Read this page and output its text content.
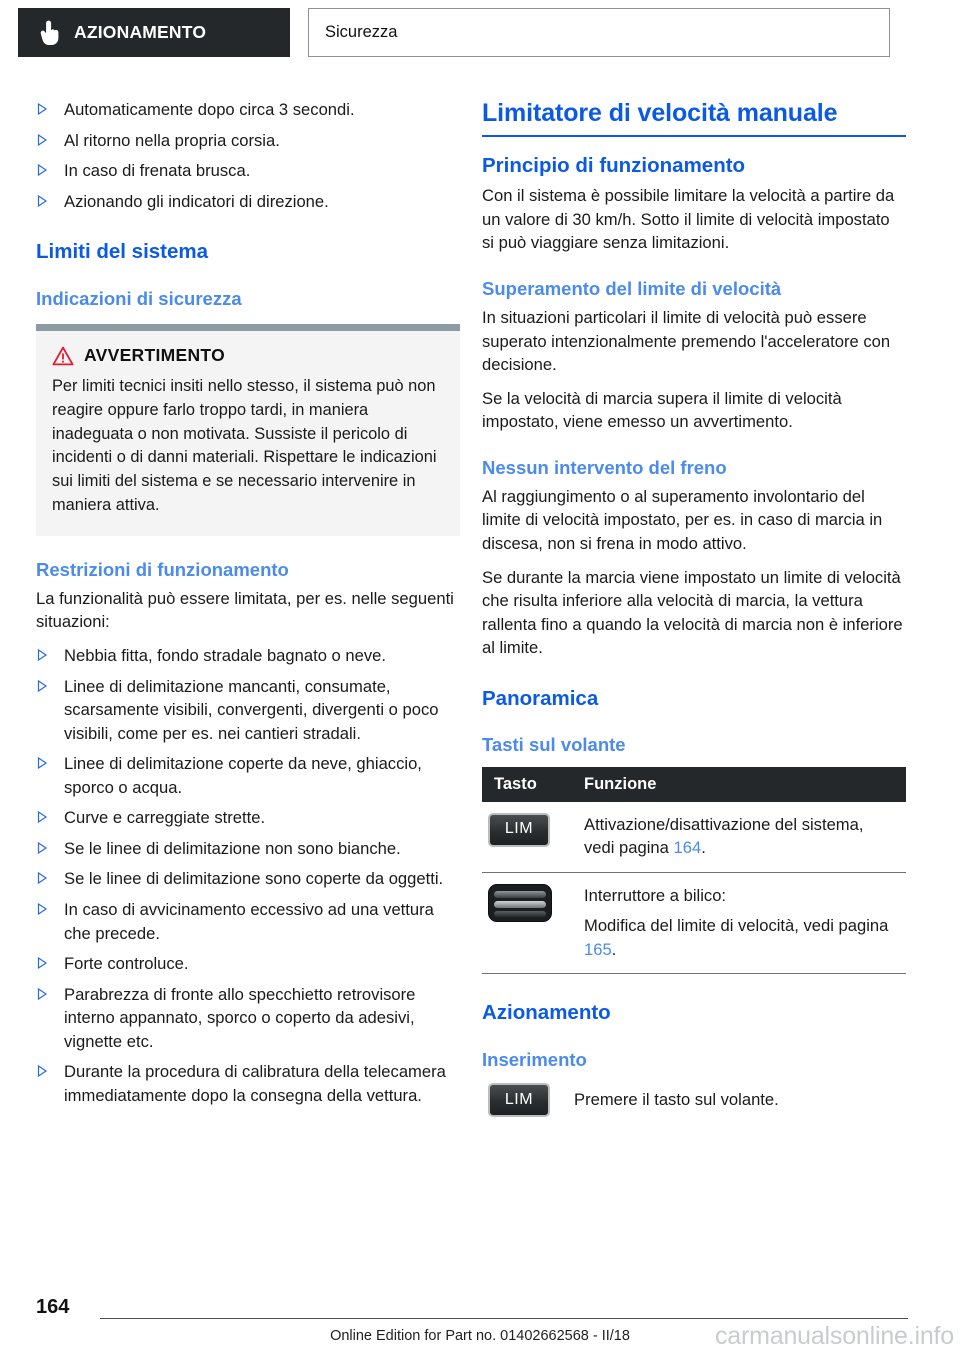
AZIONAMENTO	Sicurezza
Automaticamente dopo circa 3 secondi.
Al ritorno nella propria corsia.
In caso di frenata brusca.
Azionando gli indicatori di direzione.
Limiti del sistema
Indicazioni di sicurezza
AVVERTIMENTO

Per limiti tecnici insiti nello stesso, il sistema può non reagire oppure farlo troppo tardi, in maniera inadeguata o non motivata. Sussiste il pericolo di incidenti o di danni materiali. Rispettare le indicazioni sui limiti del sistema e se necessario intervenire in maniera attiva.

Restrizioni di funzionamento

La funzionalità può essere limitata, per es. nelle seguenti situazioni:

Nebbia fitta, fondo stradale bagnato o neve.
Linee di delimitazione mancanti, consumate, scarsamente visibili, convergenti, divergenti o poco visibili, come per es. nei cantieri stradali.
Linee di delimitazione coperte da neve, ghiaccio, sporco o acqua.
Curve e carreggiate strette.
Se le linee di delimitazione non sono bianche.
Se le linee di delimitazione sono coperte da oggetti.
In caso di avvicinamento eccessivo ad una vettura che precede.
Forte controluce.
Parabrezza di fronte allo specchietto retrovisore interno appannato, sporco o coperto da adesivi, vignette etc.
Durante la procedura di calibratura della telecamera immediatamente dopo la consegna della vettura.
Limitatore di velocità manuale
Principio di funzionamento

Con il sistema è possibile limitare la velocità a partire da un valore di 30 km/h. Sotto il limite di velocità impostato si può viaggiare senza limitazioni.

Superamento del limite di velocità

In situazioni particolari il limite di velocità può essere superato intenzionalmente premendo l'acceleratore con decisione.

Se la velocità di marcia supera il limite di velocità impostato, viene emesso un avvertimento.

Nessun intervento del freno

Al raggiungimento o al superamento involontario del limite di velocità impostato, per es. in caso di marcia in discesa, non si frena in modo attivo.

Se durante la marcia viene impostato un limite di velocità che risulta inferiore alla velocità di marcia, la vettura rallenta fino a quando la velocità di marcia non è inferiore al limite.

Panoramica
Tasti sul volante
Tasto	Funzione

LIM	Attivazione/disattivazione del sistema, vedi pagina 164.

	Interruttore a bilico:

Modifica del limite di velocità, vedi pagina 165.

Azionamento
Inserimento
LIM Premere il tasto sul volante.
164
Online Edition for Part no. 01402662568 - II/18	carmanualsonline.info
